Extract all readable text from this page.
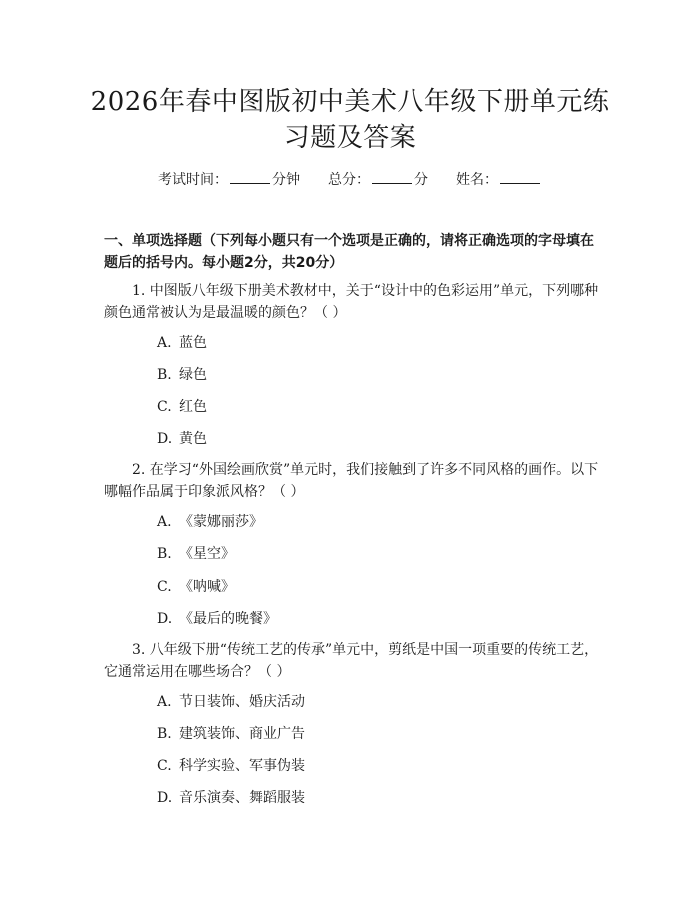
2026年春中图版初中美术八年级下册单元练习题及答案
考试时间：	分钟 总分：	分 姓名：

一、单项选择题（下列每小题只有一个选项是正确的，请将正确选项的字母填在题后的括号内。每小题2分，共20分）

1. 中图版八年级下册美术教材中，关于“设计中的色彩运用”单元，下列哪种颜色通常被认为是最温暖的颜色？（ ）

A. 蓝色
B. 绿色
C. 红色
D. 黄色

2. 在学习“外国绘画欣赏”单元时，我们接触到了许多不同风格的画作。以下哪幅作品属于印象派风格？（ ）

A. 《蒙娜丽莎》
B. 《星空》
C. 《呐喊》
D. 《最后的晚餐》

3. 八年级下册“传统工艺的传承”单元中，剪纸是中国一项重要的传统工艺，它通常运用在哪些场合？（ ）

A. 节日装饰、婚庆活动
B. 建筑装饰、商业广告
C. 科学实验、军事伪装
D. 音乐演奏、舞蹈服装
